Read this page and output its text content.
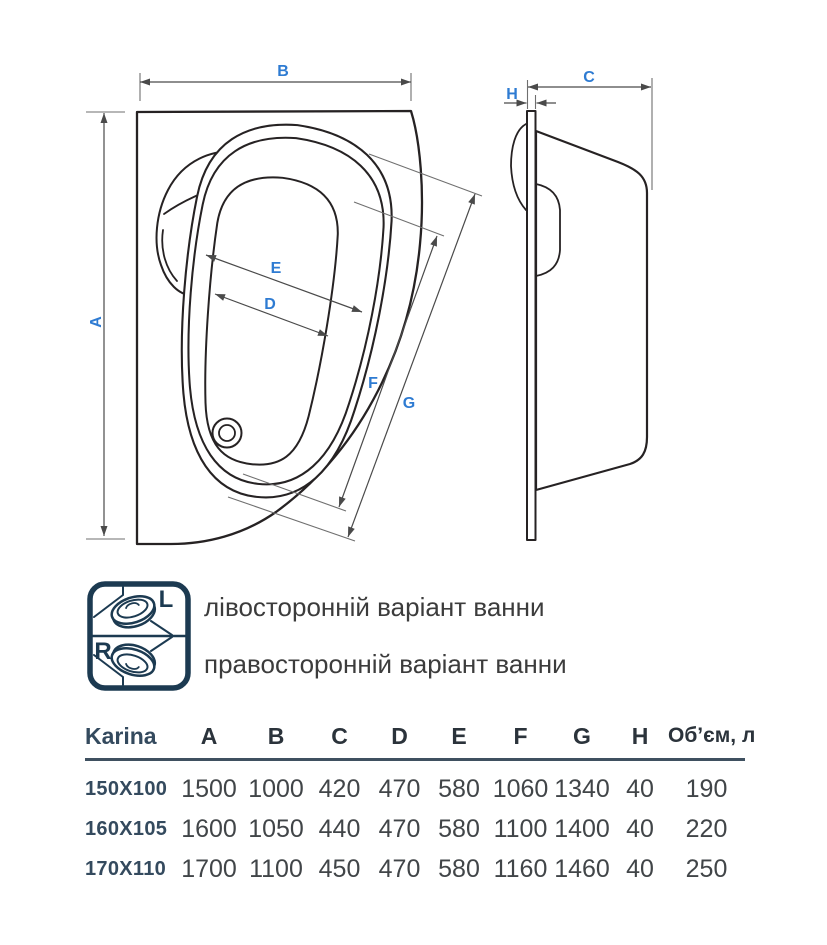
B
A
E
D
F
G
C
H
L
R
лівосторонній варіант ванни
правосторонній варіант ванни
Karina	A	B	C	D	E	F	G	H Об’єм, л
150X100 1500 1000 420 470 580 1060 1340 40	190
160X105 1600 1050 440 470 580 1100 1400 40	220
170X110 1700 1100 450 470 580 1160 1460 40	250
